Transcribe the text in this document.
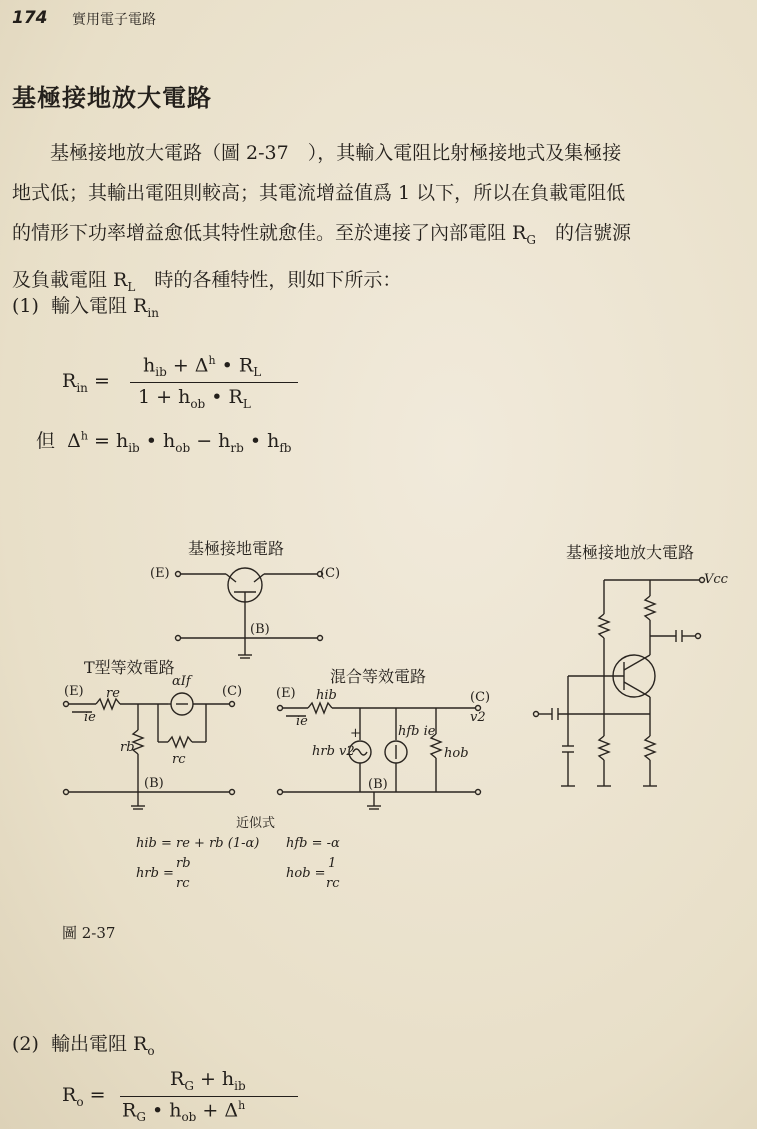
174 實用電子電路
基極接地放大電路

　　基極接地放大電路（圖 2-37　），其輸入電阻比射極接地式及集極接

地式低；其輸出電阻則較高；其電流增益值爲 1 以下，所以在負載電阻低

的情形下功率增益愈低其特性就愈佳。至於連接了內部電阻 $R_G$　的信號源

及負載電阻 $R_L$　時的各種特性，則如下所示：

(1) 輸入電阻 $R_{in}$
$R_{in}$ =
$h_{ib} + \Delta^h$ • $R_L$
$1 + h_{ob}$ • $R_L$
但 $\Delta^h = h_{ib}$ • $h_{ob} - h_{rb}$ • $h_{fb}$
基極接地電路	基極接地放大電路
T型等效電路	混合等效電路
近似式
(E)	(C)
(B)
(E)	(C)
(B)
(E)	(C)
(B)
Vcc
re
ie
rb
rc
αIf
hib
ie
hrb v2
hfb ie
hob
v2
+
hib = re + rb (1-α) hfb = -α
hrb =
rb
rc
hob =
1
rc
圖 2-37
(2) 輸出電阻 $R_o$
$R_o$ =
$R_G + h_{ib}$
$R_G$ • $h_{ob} + \Delta^h$
